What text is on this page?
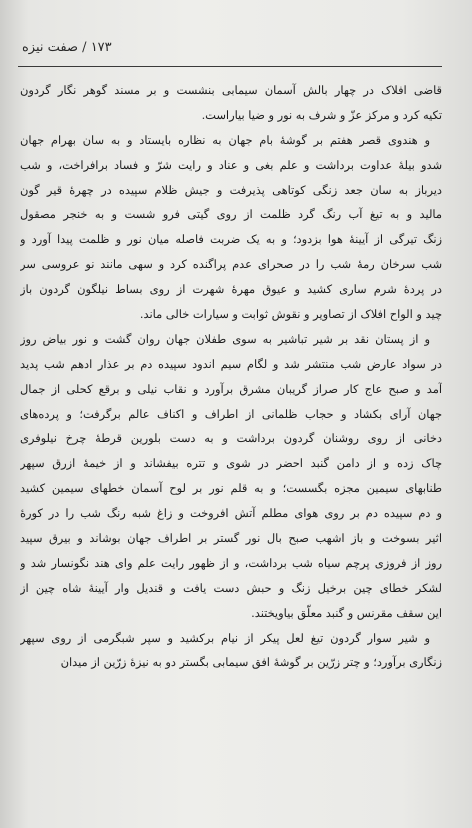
۱۷۳ / صفت نیزه
قاضی افلاک در چهار بالش آسمان سیمابی بنشست و بر مسند گوهر نگار گردون
تکیه کرد و مرکز عزّ و شرف به نور و ضیا بیاراست.
و هندوی قصر هفتم بر گوشهٔ بام جهان به نظاره بایستاد و به سان بهرام جهان
شدو بیلهٔ عداوت برداشت و علم بغی و عناد و رایت شرّ و فساد برافراخت، و شب
دیرباز به سان جعد زنگی کوتاهی پذیرفت و جیش ظلام سپیده در چهرهٔ قیر گون
مالید و به تیغ آب رنگ گرد ظلمت از روی گیتی فرو شست و به خنجر مصقول
زنگ تیرگی از آیینهٔ هوا بزدود؛ و به یک ضربت فاصله میان نور و ظلمت پیدا آورد و
شب سرخان رمهٔ شب را در صحرای عدم پراگنده کرد و سهی مانند نو عروسی سر
در پردهٔ شرم ساری کشید و عیوق مهرهٔ شهرت از روی بساط نیلگون گردون باز
چید و الواح افلاک از تصاویر و نقوش ثوابت و سیارات خالی ماند.
و از پستان نقد بر شیر تباشیر به سوی طفلان جهان روان گشت و نور بیاض روز
در سواد عارض شب منتشر شد و لگام سیم اندود سپیده دم بر عذار ادهم شب پدید
آمد و صبح عاج کار صراز گریبان مشرق برآورد و نقاب نیلی و برقع کحلی از جمال
جهان آرای بکشاد و حجاب ظلمانی از اطراف و اکناف عالم برگرفت؛ و پرده‌های
دخانی از روی روشنان گردون برداشت و به دست بلورین قرطهٔ چرخ نیلوفری
چاک زده و از دامن گنبد احضر در شوی و تتره بیفشاند و از خیمهٔ ازرق سپهر
طنابهای سیمین مجزه بگسست؛ و به قلم نور بر لوح آسمان خطهای سیمین کشید
و دم سپیده دم بر روی هوای مطلم آتش افروخت و زاغ شبه رنگ شب را در کورهٔ
اثیر بسوخت و باز اشهب صبح بال نور گستر بر اطراف جهان بوشاند و بیرق سپید
روز از فروزی پرچم سیاه شب برداشت، و از ظهور رایت علم وای هند نگونسار شد و
لشکر خطای چین برخیل زنگ و حبش دست یافت و قندیل وار آیینهٔ شاه چین از
این سقف مقرنس و گنبد معلّق بیاویختند.
و شیر سوار گردون تیغ لعل پیکر از نیام برکشید و سپر شبگرمی از روی سپهر
زنگاری برآورد؛ و چتر زرّین بر گوشهٔ افق سیمابی بگستر دو به نیزهٔ زرّین از میدان
